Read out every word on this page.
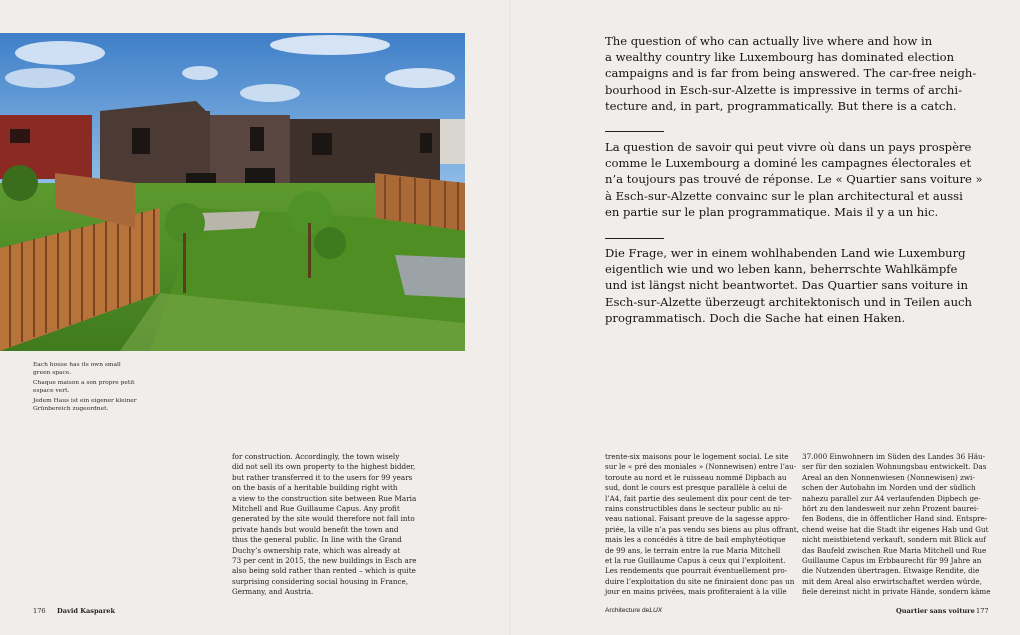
Each house has its own small
green space.

Chaque maison a son propre petit
espace vert.

Jedem Haus ist ein eigener kleiner
Grünbereich zugeordnet.

for construction. Accordingly, the town wisely
did not sell its own property to the highest bidder,
but rather transferred it to the users for 99 years
on the basis of a heritable building right with
a view to the construction site between Rue Maria
Mitchell and Rue Guillaume Capus. Any profit
generated by the site would therefore not fall into
private hands but would benefit the town and
thus the general public. In line with the Grand
Duchy’s ownership rate, which was already at
73 per cent in 2015, the new buildings in Esch are
also being sold rather than rented – which is quite
surprising considering social housing in France,
Germany, and Austria.
The question of who can actually live where and how in
a wealthy country like Luxembourg has dominated election
campaigns and is far from being answered. The car-free neigh-
bourhood in Esch-sur-Alzette is impressive in terms of archi-
tecture and, in part, programmatically. But there is a catch.
La question de savoir qui peut vivre où dans un pays prospère
comme le Luxembourg a dominé les campagnes électorales et
n’a toujours pas trouvé de réponse. Le « Quartier sans voiture »
à Esch-sur-Alzette convainc sur le plan architectural et aussi
en partie sur le plan programmatique. Mais il y a un hic.
Die Frage, wer in einem wohlhabenden Land wie Luxemburg
eigentlich wie und wo leben kann, beherrschte Wahlkämpfe
und ist längst nicht beantwortet. Das Quartier sans voiture in
Esch-sur-Alzette überzeugt architektonisch und in Teilen auch
programmatisch. Doch die Sache hat einen Haken.
trente-six maisons pour le logement social. Le site
sur le « pré des moniales » (Nonnewisen) entre l’au-
toroute au nord et le ruisseau nommé Dipbach au
sud, dont le cours est presque parallèle à celui de
l’A4, fait partie des seulement dix pour cent de ter-
rains constructibles dans le secteur public au ni-
veau national. Faisant preuve de la sagesse appro-
priée, la ville n’a pas vendu ses biens au plus offrant,
mais les a concédés à titre de bail emphytéotique
de 99 ans, le terrain entre la rue Maria Mitchell
et la rue Guillaume Capus à ceux qui l’exploitent.
Les rendements que pourrait éventuellement pro-
duire l’exploitation du site ne finiraient donc pas un
jour en mains privées, mais profiteraient à la ville
37.000 Einwohnern im Süden des Landes 36 Häu-
ser für den sozialen Wohnungsbau entwickelt. Das
Areal an den Nonnenwiesen (Nonnewisen) zwi-
schen der Autobahn im Norden und der südlich
nahezu parallel zur A4 verlaufenden Dipbech ge-
hört zu den landesweit nur zehn Prozent baurei-
fen Bodens, die in öffentlicher Hand sind. Entspre-
chend weise hat die Stadt ihr eigenes Hab und Gut
nicht meistbietend verkauft, sondern mit Blick auf
das Baufeld zwischen Rue Maria Mitchell und Rue
Guillaume Capus im Erbbaurecht für 99 Jahre an
die Nutzenden übertragen. Etwaige Rendite, die
mit dem Areal also erwirtschaftet werden würde,
fiele dereinst nicht in private Hände, sondern käme
176 David Kasparek	Architecture deLUX	Quartier sans voiture 177
